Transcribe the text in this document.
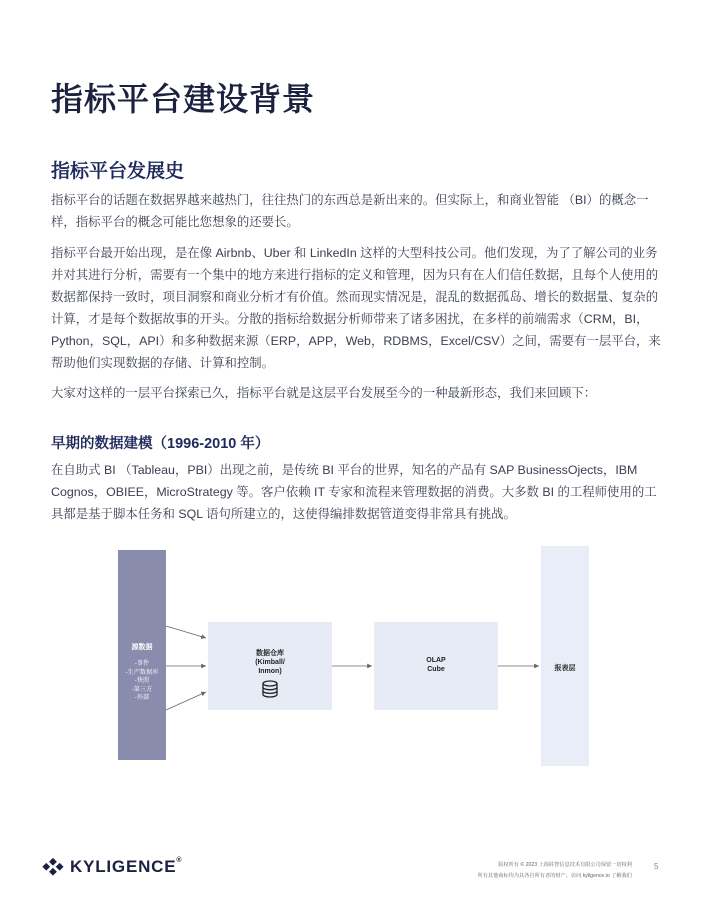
指标平台建设背景
指标平台发展史

指标平台的话题在数据界越来越热门，往往热门的东西总是新出来的。但实际上，和商业智能 （BI）的概念一样，指标平台的概念可能比您想象的还要长。

指标平台最开始出现，是在像 Airbnb、Uber 和 LinkedIn 这样的大型科技公司。他们发现，为了了解公司的业务并对其进行分析，需要有一个集中的地方来进行指标的定义和管理，因为只有在人们信任数据，且每个人使用的数据都保持一致时，项目洞察和商业分析才有价值。然而现实情况是，混乱的数据孤岛、增长的数据量、复杂的计算，才是每个数据故事的开头。分散的指标给数据分析师带来了诸多困扰，在多样的前端需求（CRM，BI，Python，SQL，API）和多种数据来源（ERP，APP，Web，RDBMS，Excel/CSV）之间，需要有一层平台，来帮助他们实现数据的存储、计算和控制。

大家对这样的一层平台探索已久，指标平台就是这层平台发展至今的一种最新形态，我们来回顾下：

早期的数据建模（1996-2010 年）

在自助式 BI （Tableau，PBI）出现之前，是传统 BI 平台的世界，知名的产品有 SAP BusinessOjects，IBM Cognos，OBIEE，MicroStrategy 等。客户依赖 IT 专家和流程来管理数据的消费。大多数 BI 的工程师使用的工具都是基于脚本任务和 SQL 语句所建立的，这使得编排数据管道变得非常具有挑战。

源数据
-事件
-生产数据库
-快照
-第三方
-外部
数据仓库
(Kimball/
Inmon)
OLAP
Cube	报表层
KYLIGENCE®
版权所有 © 2023 上海跬智信息技术有限公司保留一切权利
所有其他商标均为其各自所有者的财产。访问 kyligence.io 了解我们
5
